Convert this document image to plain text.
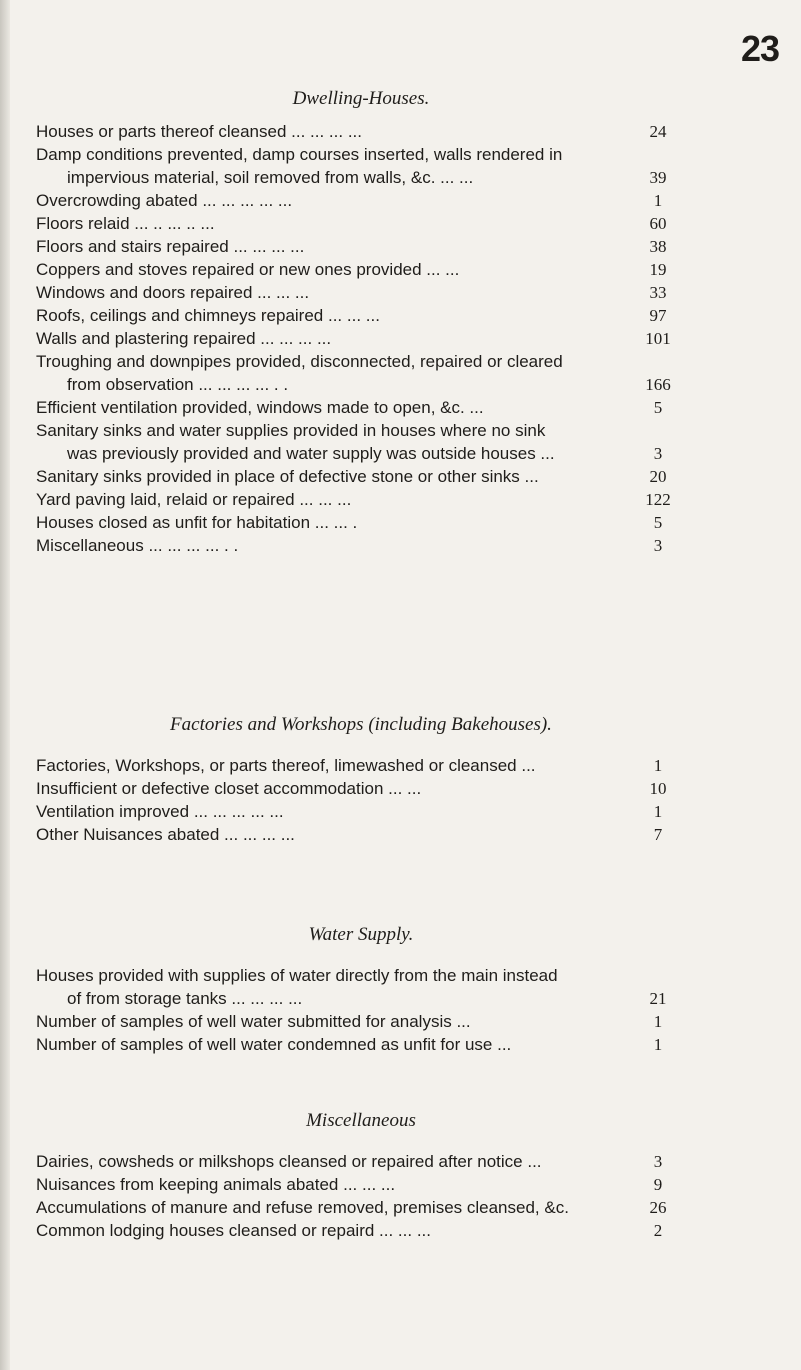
23
Dwelling-Houses.
Houses or parts thereof cleansed ... ... ... ...	24
Damp conditions prevented, damp courses inserted, walls rendered in
impervious material, soil removed from walls, &c. ... ...	39
Overcrowding abated ... ... ... ... ...	1
Floors relaid ... .. ... .. ...	60
Floors and stairs repaired ... ... ... ...	38
Coppers and stoves repaired or new ones provided ... ...	19
Windows and doors repaired ... ... ...	33
Roofs, ceilings and chimneys repaired ... ... ...	97
Walls and plastering repaired ... ... ... ...	101
Troughing and downpipes provided, disconnected, repaired or cleared
from observation ... ... ... ... . .	166
Efficient ventilation provided, windows made to open, &c. ...	5
Sanitary sinks and water supplies provided in houses where no sink
was previously provided and water supply was outside houses ...	3
Sanitary sinks provided in place of defective stone or other sinks ...	20
Yard paving laid, relaid or repaired ... ... ...	122
Houses closed as unfit for habitation ... ... .	5
Miscellaneous ... ... ... ... . .	3
Factories and Workshops (including Bakehouses).
Factories, Workshops, or parts thereof, limewashed or cleansed ...	1
Insufficient or defective closet accommodation ... ...	10
Ventilation improved ... ... ... ... ...	1
Other Nuisances abated ... ... ... ...	7
Water Supply.
Houses provided with supplies of water directly from the main instead
of from storage tanks ... ... ... ...	21
Number of samples of well water submitted for analysis ...	1
Number of samples of well water condemned as unfit for use ...	1
Miscellaneous
Dairies, cowsheds or milkshops cleansed or repaired after notice ...	3
Nuisances from keeping animals abated ... ... ...	9
Accumulations of manure and refuse removed, premises cleansed, &c.	26
Common lodging houses cleansed or repaird ... ... ...	2
